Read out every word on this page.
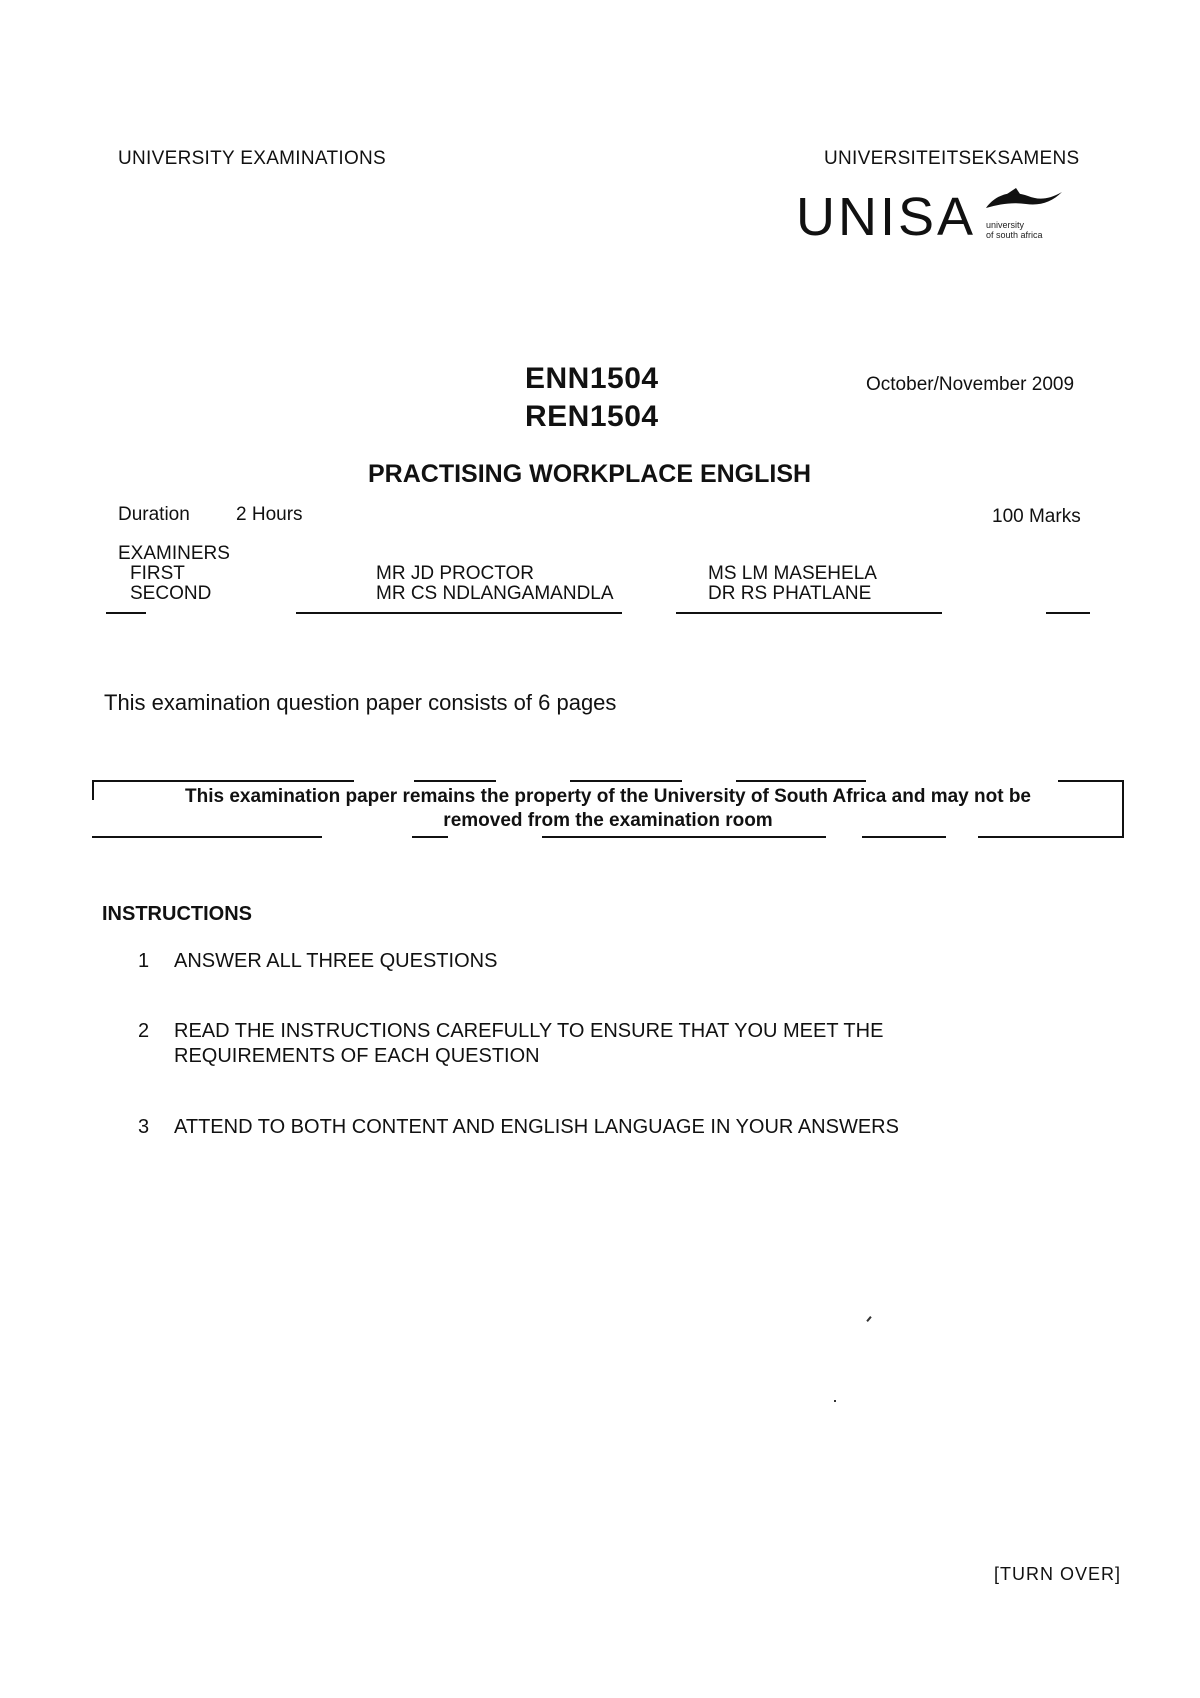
UNIVERSITY EXAMINATIONS	UNIVERSITEITSEKSAMENS
UNISA university
of south africa
ENN1504
REN1504
October/November 2009
PRACTISING WORKPLACE ENGLISH
Duration 2 Hours	100 Marks
EXAMINERS
FIRST	MR JD PROCTOR	MS LM MASEHELA
SECOND	MR CS NDLANGAMANDLA	DR RS PHATLANE
This examination question paper consists of 6 pages
This examination paper remains the property of the University of South Africa and may not be
removed from the examination room
INSTRUCTIONS
1 ANSWER ALL THREE QUESTIONS
2 READ THE INSTRUCTIONS CAREFULLY TO ENSURE THAT YOU MEET THE
REQUIREMENTS OF EACH QUESTION
3 ATTEND TO BOTH CONTENT AND ENGLISH LANGUAGE IN YOUR ANSWERS
[TURN OVER]
